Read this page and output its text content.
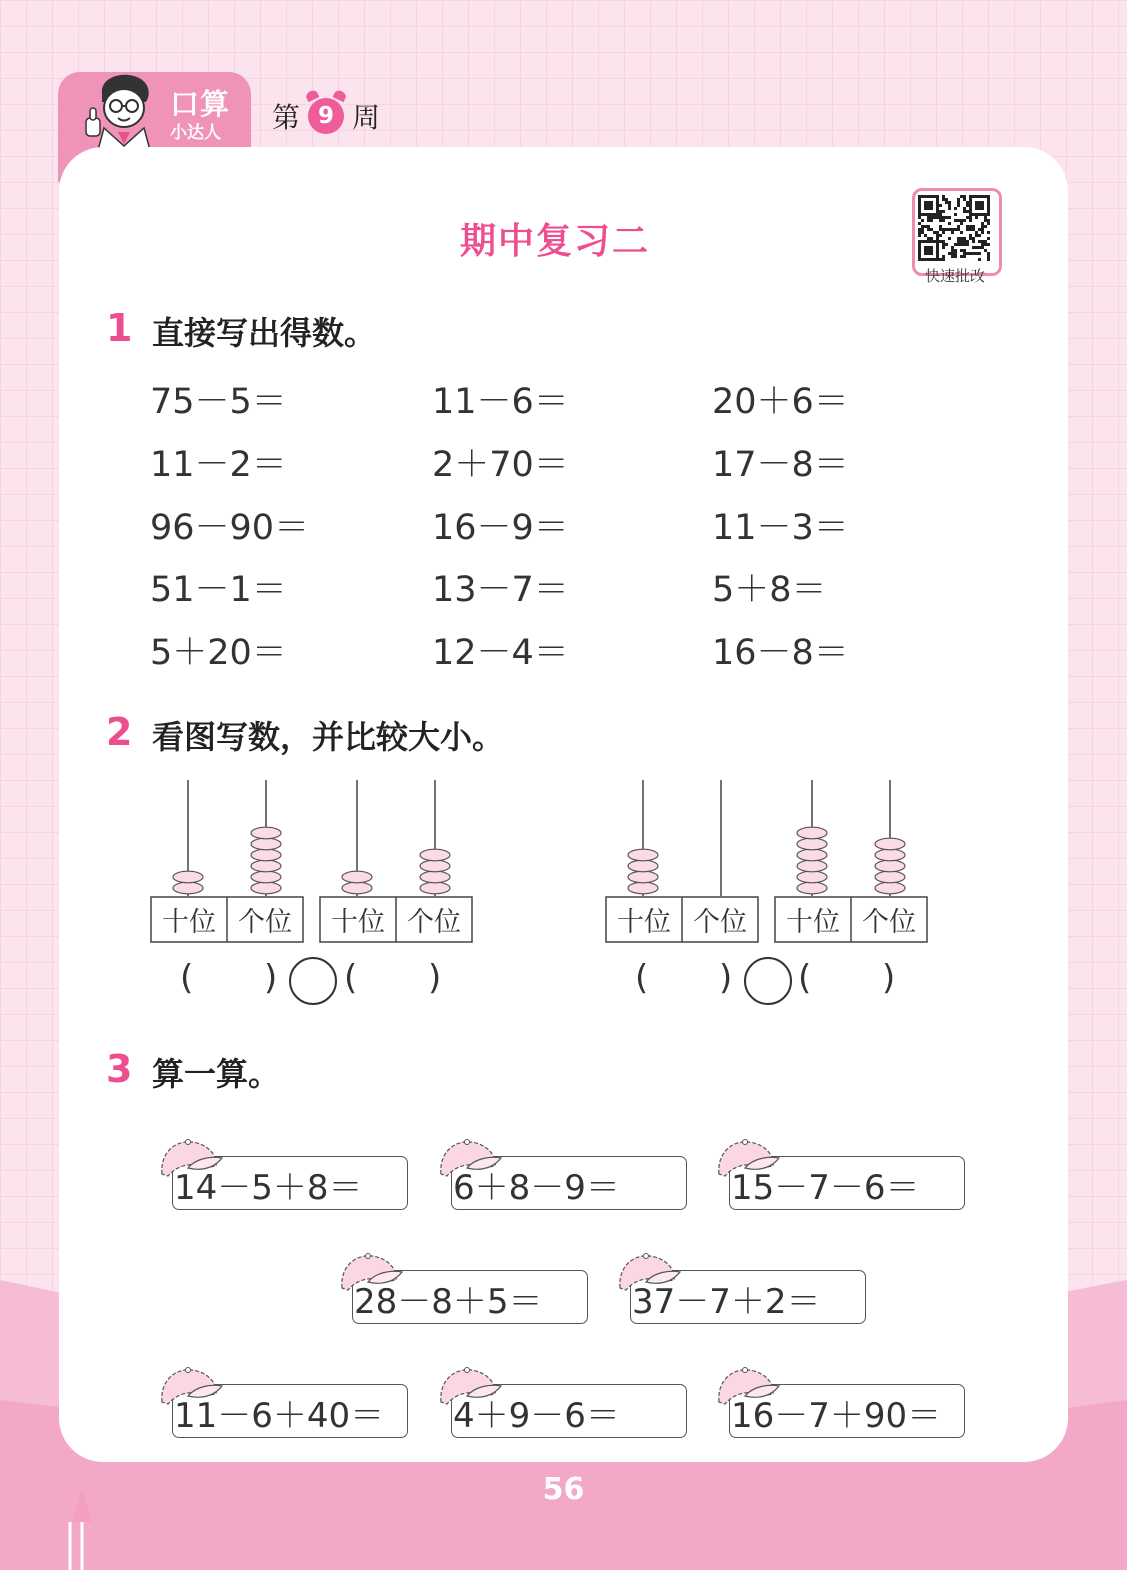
口算
小达人 第 9 周
期中复习二
快速批改
1 直接写出得数。
75－5＝	11－6＝	20＋6＝
11－2＝	2＋70＝	17－8＝
96－90＝	16－9＝	11－3＝
51－1＝	13－7＝	5＋8＝
5＋20＝	12－4＝	16－8＝
2 看图写数，并比较大小。
十位 个位 十位 个位
( ) ( )
十位 个位 十位 个位
( ) ( )
3 算一算。
14－5＋8＝	6＋8－9＝	15－7－6＝
28－8＋5＝	37－7＋2＝
11－6＋40＝ 4＋9－6＝	16－7＋90＝
56
